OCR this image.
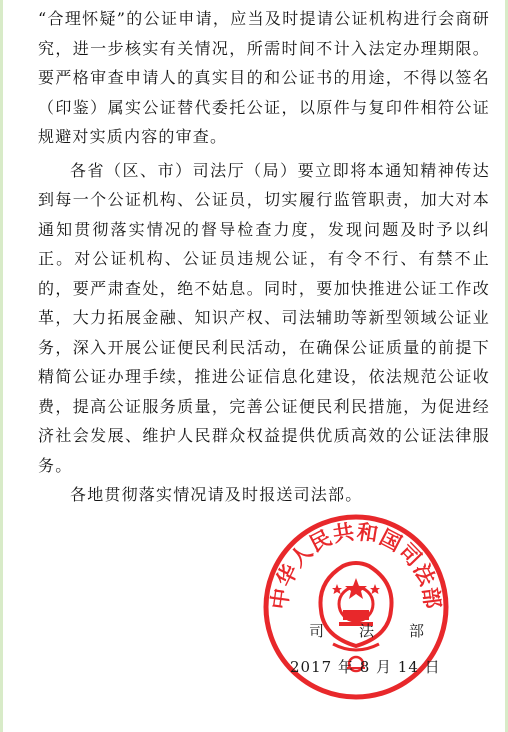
“合理怀疑”的公证申请，应当及时提请公证机构进行会商研究，进一步核实有关情况，所需时间不计入法定办理期限。要严格审查申请人的真实目的和公证书的用途，不得以签名（印鉴）属实公证替代委托公证，以原件与复印件相符公证规避对实质内容的审查。

各省（区、市）司法厅（局）要立即将本通知精神传达到每一个公证机构、公证员，切实履行监管职责，加大对本通知贯彻落实情况的督导检查力度，发现问题及时予以纠正。对公证机构、公证员违规公证，有令不行、有禁不止的，要严肃查处，绝不姑息。同时，要加快推进公证工作改革，大力拓展金融、知识产权、司法辅助等新型领域公证业务，深入开展公证便民利民活动，在确保公证质量的前提下精简公证办理手续，推进公证信息化建设，依法规范公证收费，提高公证服务质量，完善公证便民利民措施，为促进经济社会发展、维护人民群众权益提供优质高效的公证法律服务。

各地贯彻落实情况请及时报送司法部。

中华人民共和国司法部
司　法　部
2017 年 8 月 14 日
